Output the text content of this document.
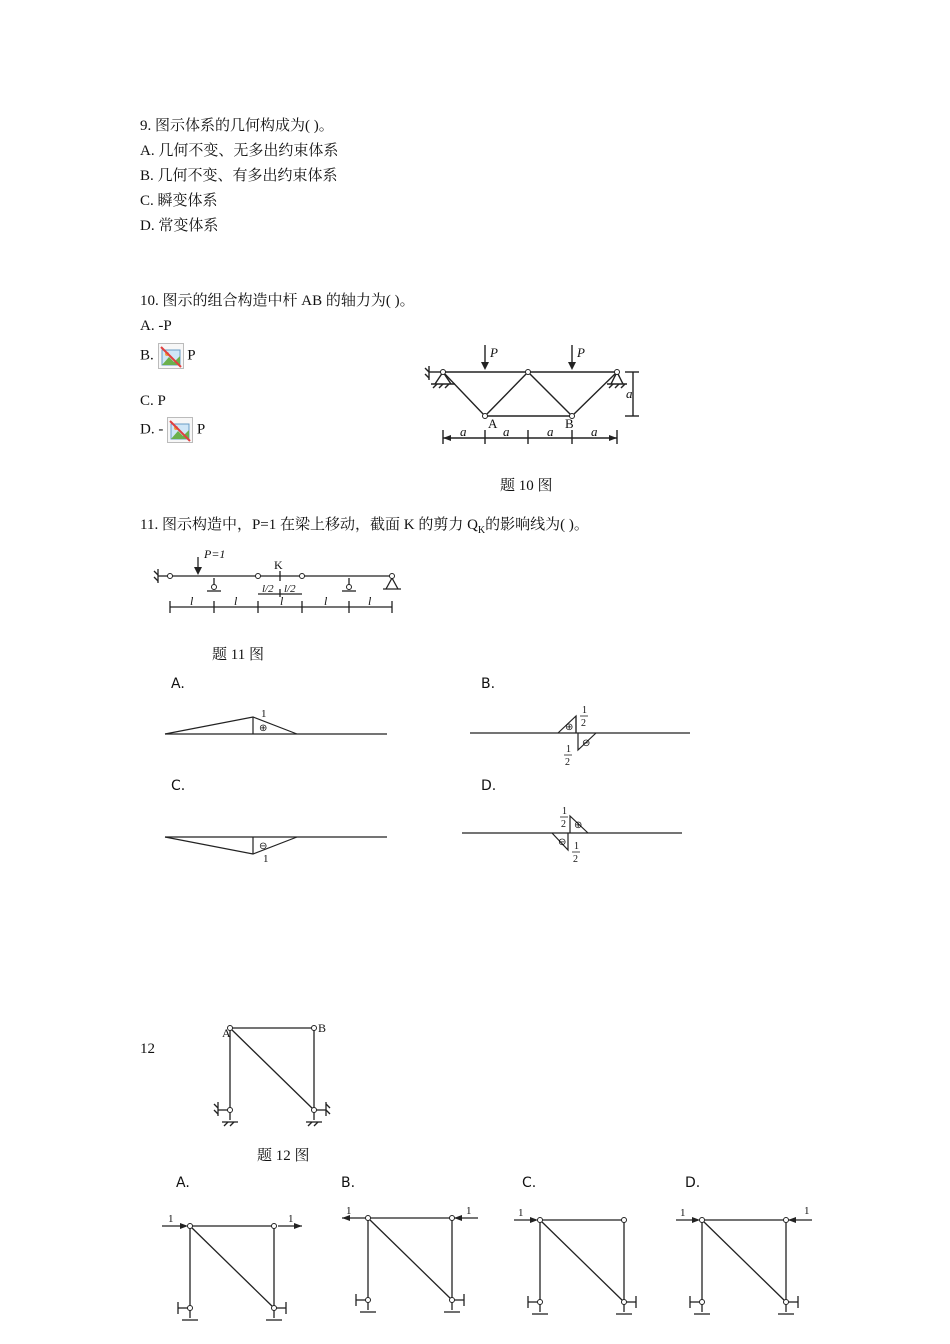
9. 图示体系的几何构成为( )。
A. 几何不变、无多出约束体系
B. 几何不变、有多出约束体系
C. 瞬变体系
D. 常变体系
10. 图示的组合构造中杆 AB 的轴力为( )。
A. -P
B. P
C. P
D. - P
P	P
a	a	a	a
a
A	B
题 10 图
11. 图示构造中，P=1 在梁上移动，截面 K 的剪力 $Q_K$的影响线为( )。
P=1
l	l
l/2 l/2
l	l	l
K
题 11 图
A.	B.
C.	D.
1
⊕	⊕
⊖
1
2
1
2
⊖
1
⊕
⊖
1
2
1
2
12
A	B
题 12 图
A.	B.	C.	D.
1	1
1	1	1	1	1
